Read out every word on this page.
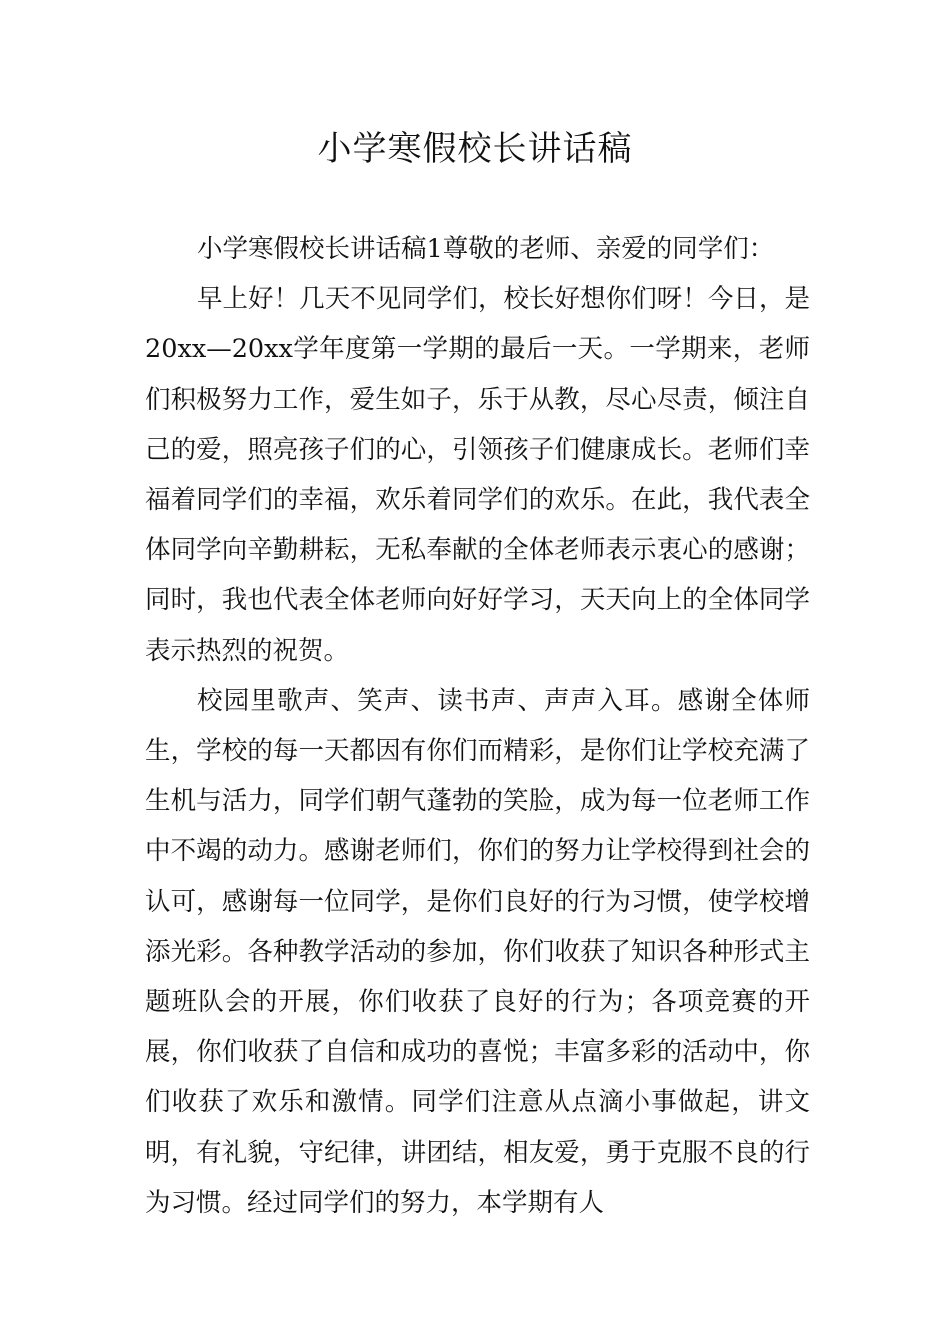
小学寒假校长讲话稿

小学寒假校长讲话稿1尊敬的老师、亲爱的同学们：

早上好！几天不见同学们，校长好想你们呀！今日，是20xx—20xx学年度第一学期的最后一天。一学期来，老师们积极努力工作，爱生如子，乐于从教，尽心尽责，倾注自己的爱，照亮孩子们的心，引领孩子们健康成长。老师们幸福着同学们的幸福，欢乐着同学们的欢乐。在此，我代表全体同学向辛勤耕耘，无私奉献的全体老师表示衷心的感谢；同时，我也代表全体老师向好好学习，天天向上的全体同学表示热烈的祝贺。

校园里歌声、笑声、读书声、声声入耳。感谢全体师生，学校的每一天都因有你们而精彩，是你们让学校充满了生机与活力，同学们朝气蓬勃的笑脸，成为每一位老师工作中不竭的动力。感谢老师们，你们的努力让学校得到社会的认可，感谢每一位同学，是你们良好的行为习惯，使学校增添光彩。各种教学活动的参加，你们收获了知识各种形式主题班队会的开展，你们收获了良好的行为；各项竞赛的开展，你们收获了自信和成功的喜悦；丰富多彩的活动中，你们收获了欢乐和激情。同学们注意从点滴小事做起，讲文明，有礼貌，守纪律，讲团结，相友爱，勇于克服不良的行为习惯。经过同学们的努力，本学期有人
